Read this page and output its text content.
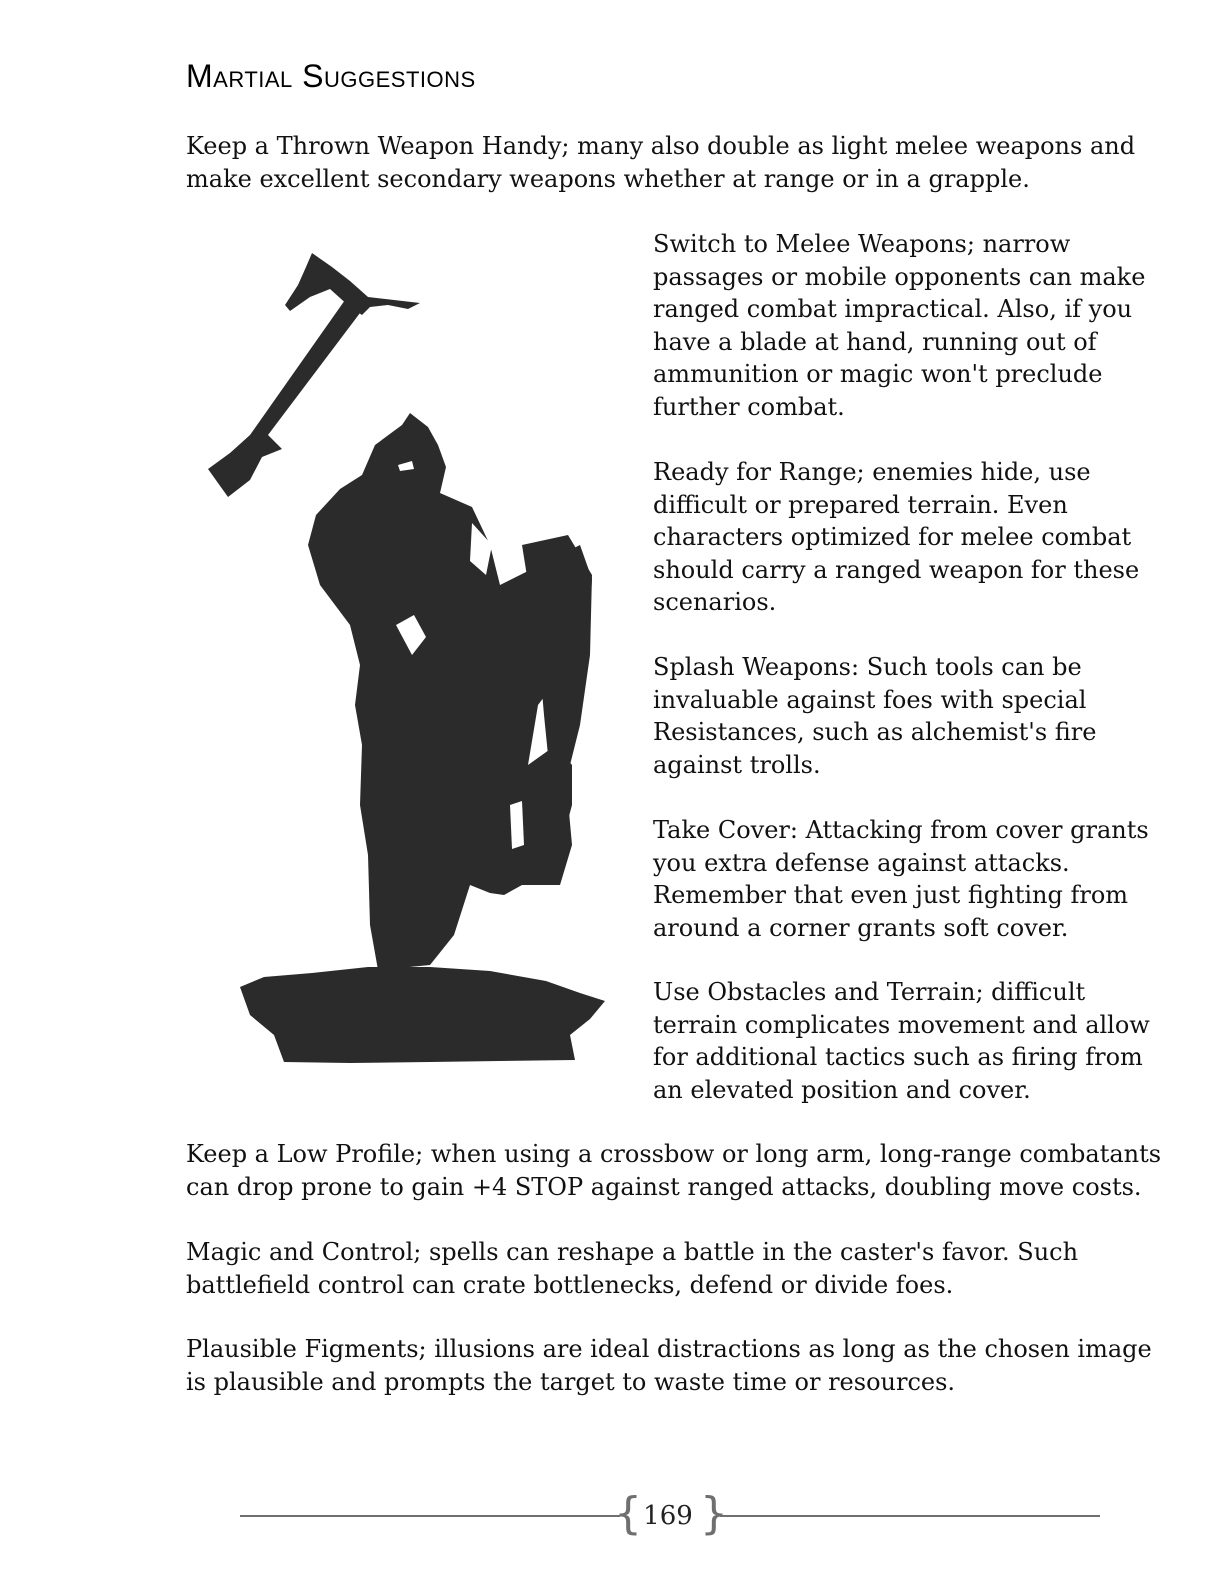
Martial Suggestions

Keep a Thrown Weapon Handy; many also double as light melee weapons and make excellent secondary weapons whether at range or in a grapple.

Switch to Melee Weapons; narrow passages or mobile opponents can make ranged combat impractical. Also, if you have a blade at hand, running out of ammunition or magic won't preclude further combat.

Ready for Range; enemies hide, use difficult or prepared terrain. Even characters optimized for melee combat should carry a ranged weapon for these scenarios.

Splash Weapons: Such tools can be invaluable against foes with special Resistances, such as alchemist's fire against trolls.

Take Cover: Attacking from cover grants you extra defense against attacks. Remember that even just fighting from around a corner grants soft cover.

Use Obstacles and Terrain; difficult terrain complicates movement and allow for additional tactics such as firing from an elevated position and cover.

Keep a Low Profile; when using a crossbow or long arm, long-range combatants can drop prone to gain +4 STOP against ranged attacks, doubling move costs.

Magic and Control; spells can reshape a battle in the caster's favor. Such battlefield control can crate bottlenecks, defend or divide foes.

Plausible Figments; illusions are ideal distractions as long as the chosen image is plausible and prompts the target to waste time or resources.

{ }
169
